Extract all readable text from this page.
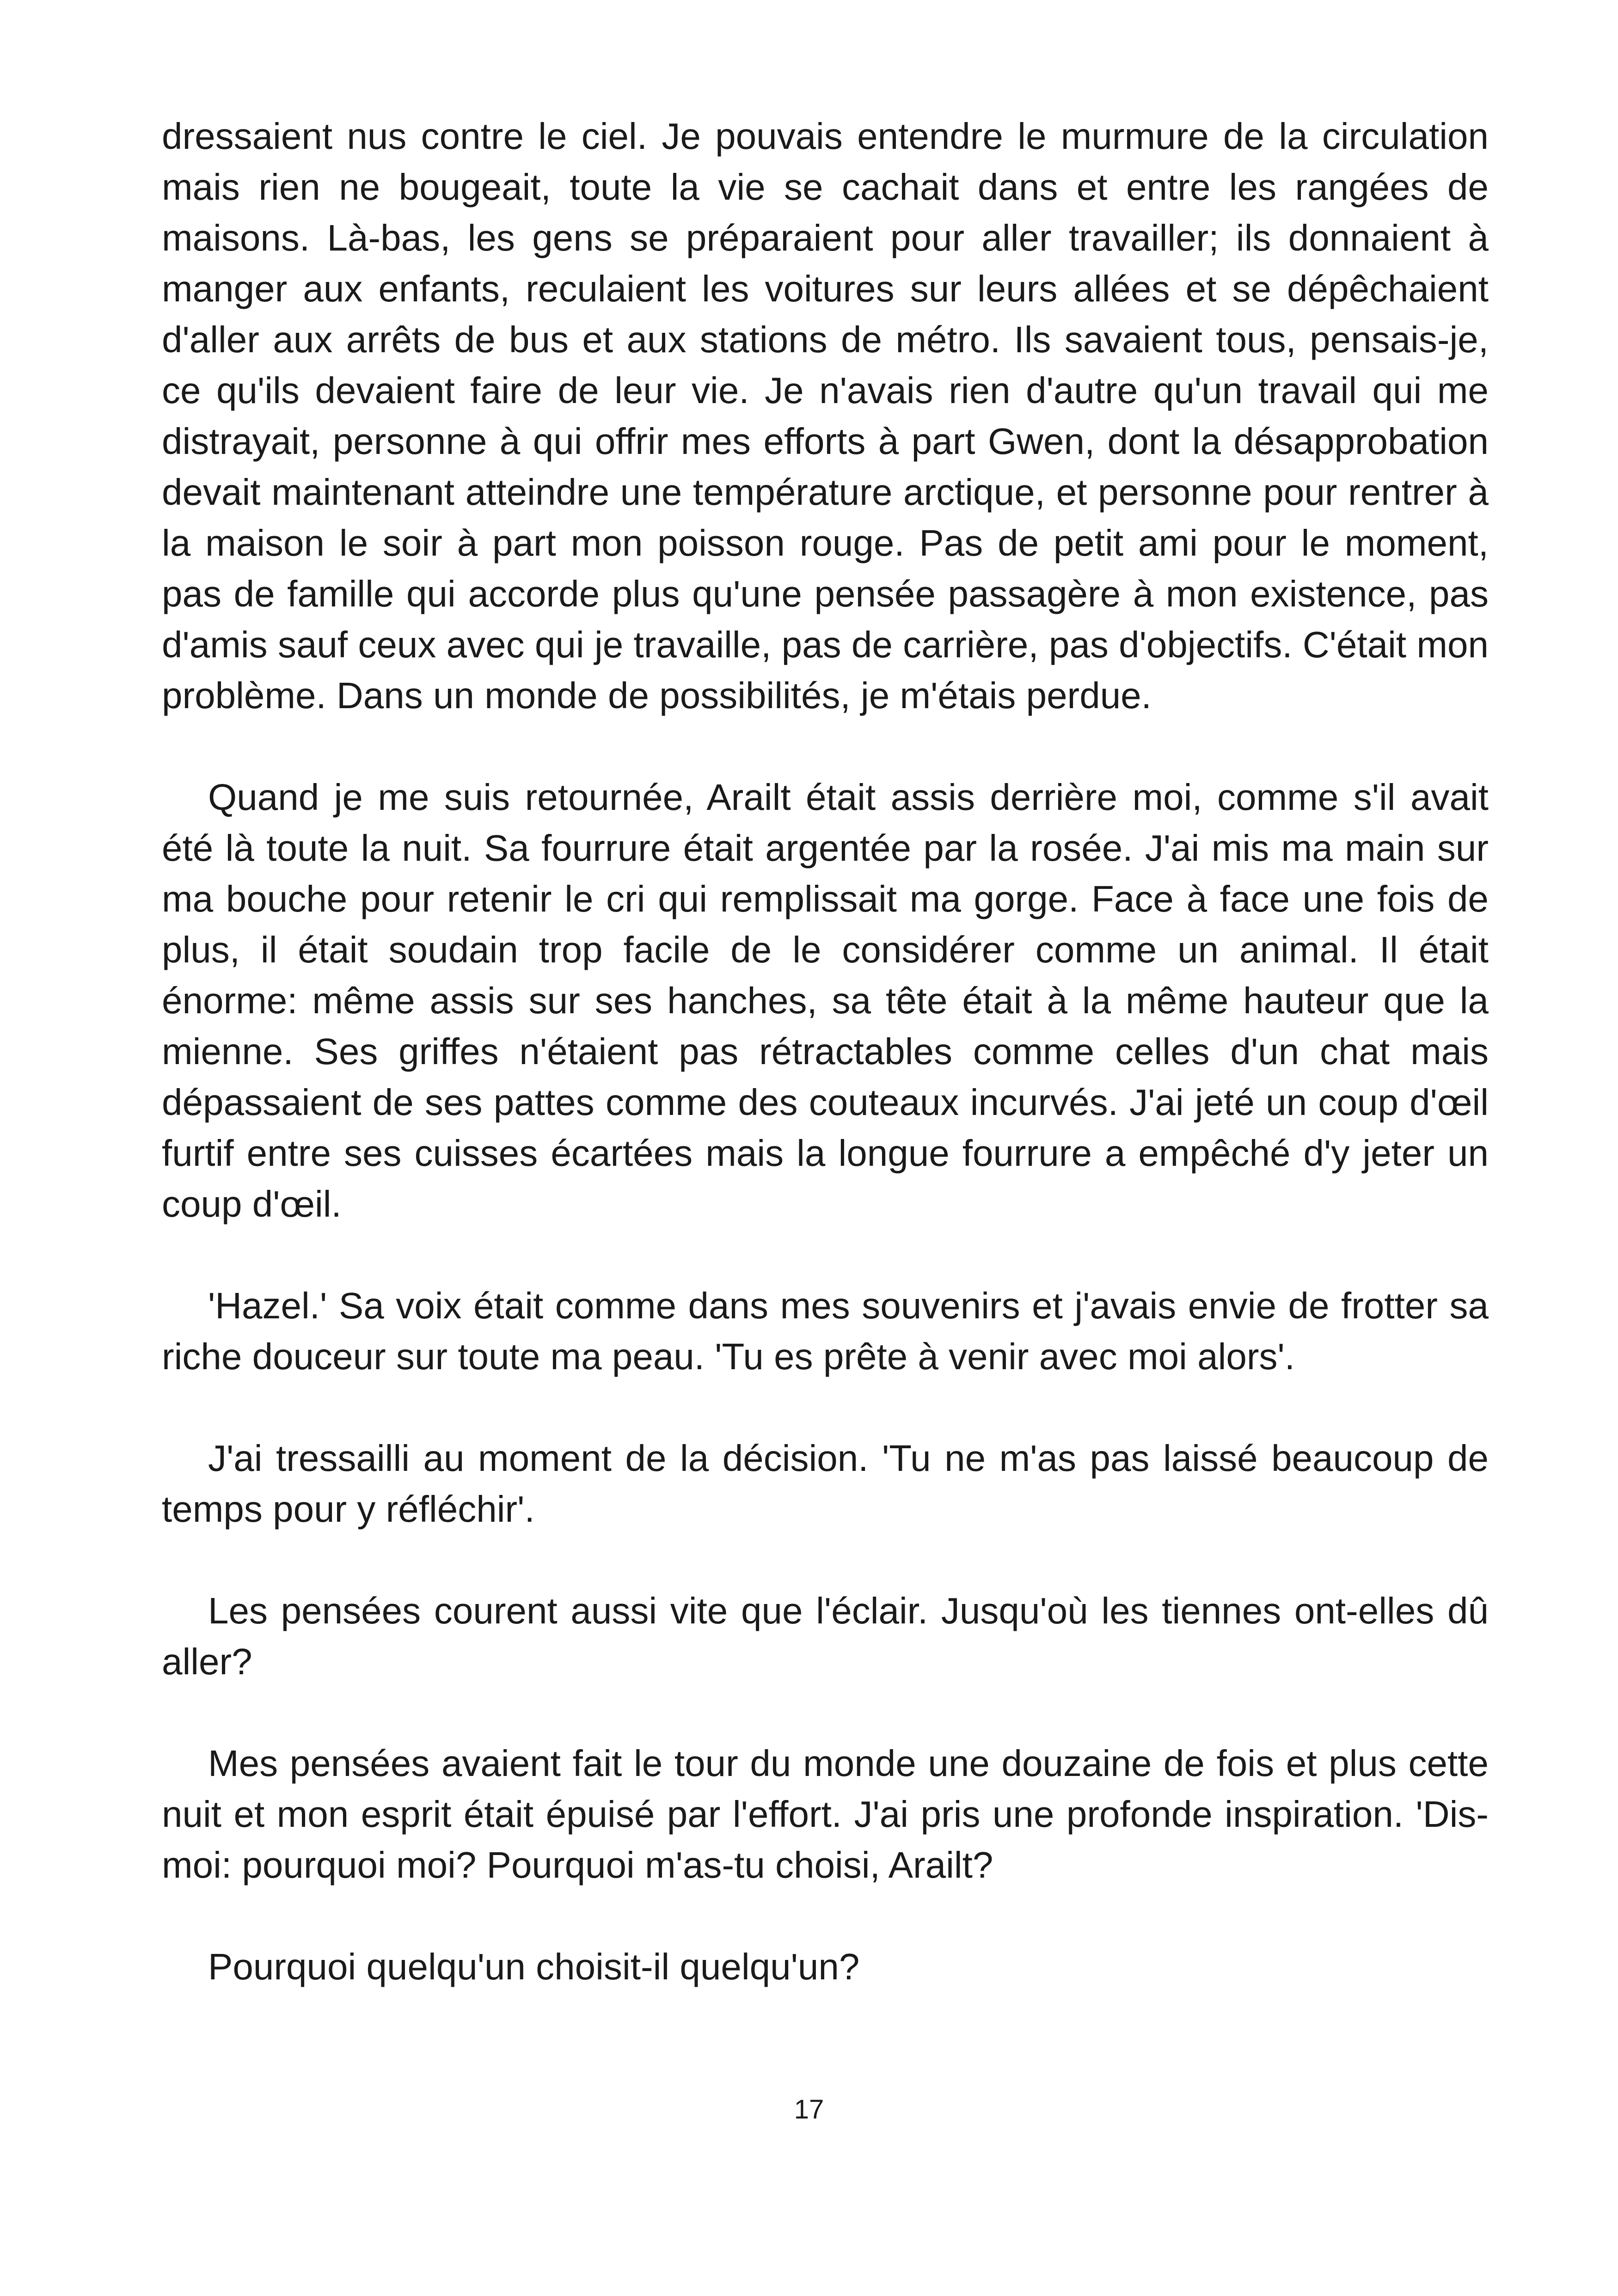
dressaient nus contre le ciel. Je pouvais entendre le murmure de la circulation mais rien ne bougeait, toute la vie se cachait dans et entre les rangées de maisons. Là-bas, les gens se préparaient pour aller travailler; ils donnaient à manger aux enfants, reculaient les voitures sur leurs allées et se dépêchaient d'aller aux arrêts de bus et aux stations de métro. Ils savaient tous, pensais-je, ce qu'ils devaient faire de leur vie. Je n'avais rien d'autre qu'un travail qui me distrayait, personne à qui offrir mes efforts à part Gwen, dont la désapprobation devait maintenant atteindre une température arctique, et personne pour rentrer à la maison le soir à part mon poisson rouge. Pas de petit ami pour le moment, pas de famille qui accorde plus qu'une pensée passagère à mon existence, pas d'amis sauf ceux avec qui je travaille, pas de carrière, pas d'objectifs. C'était mon problème. Dans un monde de possibilités, je m'étais perdue.

Quand je me suis retournée, Arailt était assis derrière moi, comme s'il avait été là toute la nuit. Sa fourrure était argentée par la rosée. J'ai mis ma main sur ma bouche pour retenir le cri qui remplissait ma gorge. Face à face une fois de plus, il était soudain trop facile de le considérer comme un animal. Il était énorme: même assis sur ses hanches, sa tête était à la même hauteur que la mienne. Ses griffes n'étaient pas rétractables comme celles d'un chat mais dépassaient de ses pattes comme des couteaux incurvés. J'ai jeté un coup d'œil furtif entre ses cuisses écartées mais la longue fourrure a empêché d'y jeter un coup d'œil.

'Hazel.' Sa voix était comme dans mes souvenirs et j'avais envie de frotter sa riche douceur sur toute ma peau. 'Tu es prête à venir avec moi alors'.

J'ai tressailli au moment de la décision. 'Tu ne m'as pas laissé beaucoup de temps pour y réfléchir'.

Les pensées courent aussi vite que l'éclair. Jusqu'où les tiennes ont-elles dû aller?

Mes pensées avaient fait le tour du monde une douzaine de fois et plus cette nuit et mon esprit était épuisé par l'effort. J'ai pris une profonde inspiration. 'Dis-moi: pourquoi moi? Pourquoi m'as-tu choisi, Arailt?

Pourquoi quelqu'un choisit-il quelqu'un?

17
